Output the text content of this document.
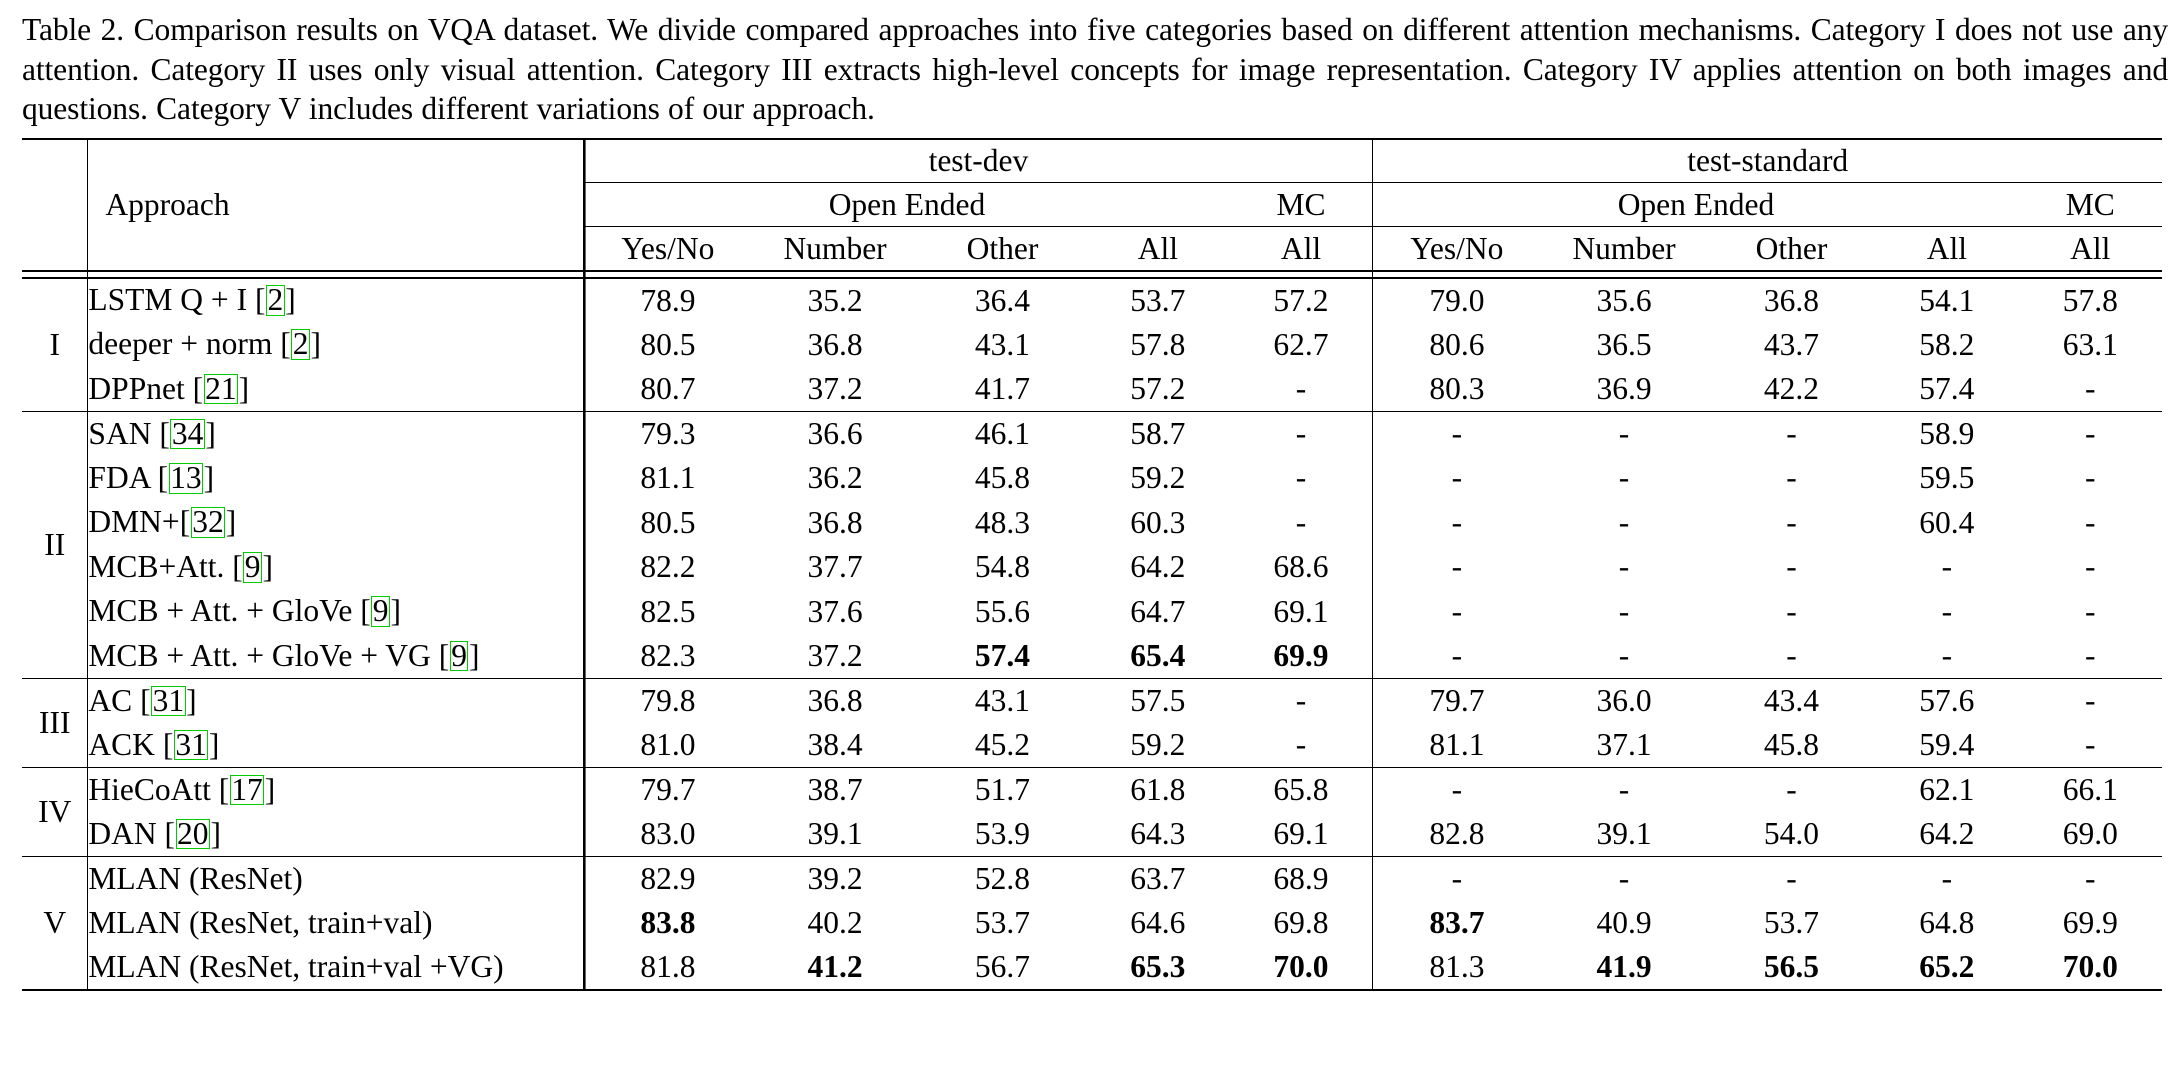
Table 2. Comparison results on VQA dataset. We divide compared approaches into five categories based on different attention mechanisms. Category I does not use any attention. Category II uses only visual attention. Category III extracts high-level concepts for image representation. Category IV applies attention on both images and questions. Category V includes different variations of our approach.

	Approach	test-dev					test-standard				
		Open Ended				MC	Open Ended				MC
		Yes/No	Number	Other	All	All	Yes/No	Number	Other	All	All

I	LSTM Q + I [2]	78.9	35.2	36.4	53.7	57.2	79.0	35.6	36.8	54.1	57.8
	deeper + norm [2]	80.5	36.8	43.1	57.8	62.7	80.6	36.5	43.7	58.2	63.1
	DPPnet [21]	80.7	37.2	41.7	57.2	-	80.3	36.9	42.2	57.4	-
II	SAN [34]	79.3	36.6	46.1	58.7	-	-	-	-	58.9	-
	FDA [13]	81.1	36.2	45.8	59.2	-	-	-	-	59.5	-
	DMN+[32]	80.5	36.8	48.3	60.3	-	-	-	-	60.4	-
	MCB+Att. [9]	82.2	37.7	54.8	64.2	68.6	-	-	-	-	-
	MCB + Att. + GloVe [9]	82.5	37.6	55.6	64.7	69.1	-	-	-	-	-
	MCB + Att. + GloVe + VG [9]	82.3	37.2	57.4	65.4	69.9	-	-	-	-	-
III	AC [31]	79.8	36.8	43.1	57.5	-	79.7	36.0	43.4	57.6	-
	ACK [31]	81.0	38.4	45.2	59.2	-	81.1	37.1	45.8	59.4	-
IV	HieCoAtt [17]	79.7	38.7	51.7	61.8	65.8	-	-	-	62.1	66.1
	DAN [20]	83.0	39.1	53.9	64.3	69.1	82.8	39.1	54.0	64.2	69.0
V	MLAN (ResNet)	82.9	39.2	52.8	63.7	68.9	-	-	-	-	-
	MLAN (ResNet, train+val)	83.8	40.2	53.7	64.6	69.8	83.7	40.9	53.7	64.8	69.9
	MLAN (ResNet, train+val +VG)	81.8	41.2	56.7	65.3	70.0	81.3	41.9	56.5	65.2	70.0
